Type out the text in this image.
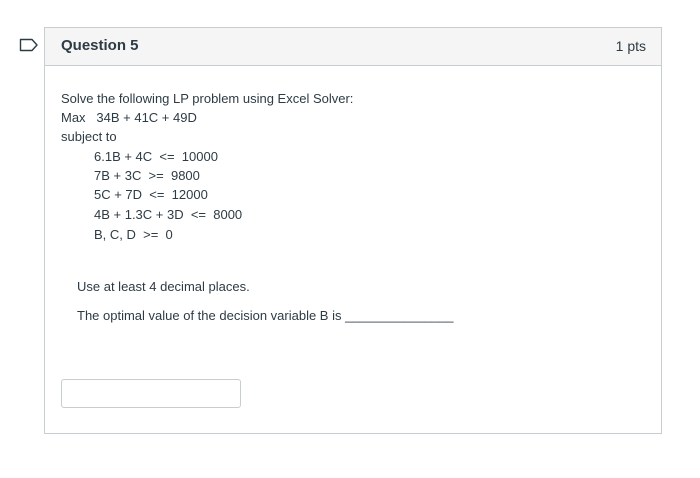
Question 5	1 pts
Solve the following LP problem using Excel Solver:
Max   34B + 41C + 49D
subject to
6.1B + 4C  <=  10000
7B + 3C  >=  9800
5C + 7D  <=  12000
4B + 1.3C + 3D  <=  8000
B, C, D  >=  0
Use at least 4 decimal places.
The optimal value of the decision variable B is _______________
